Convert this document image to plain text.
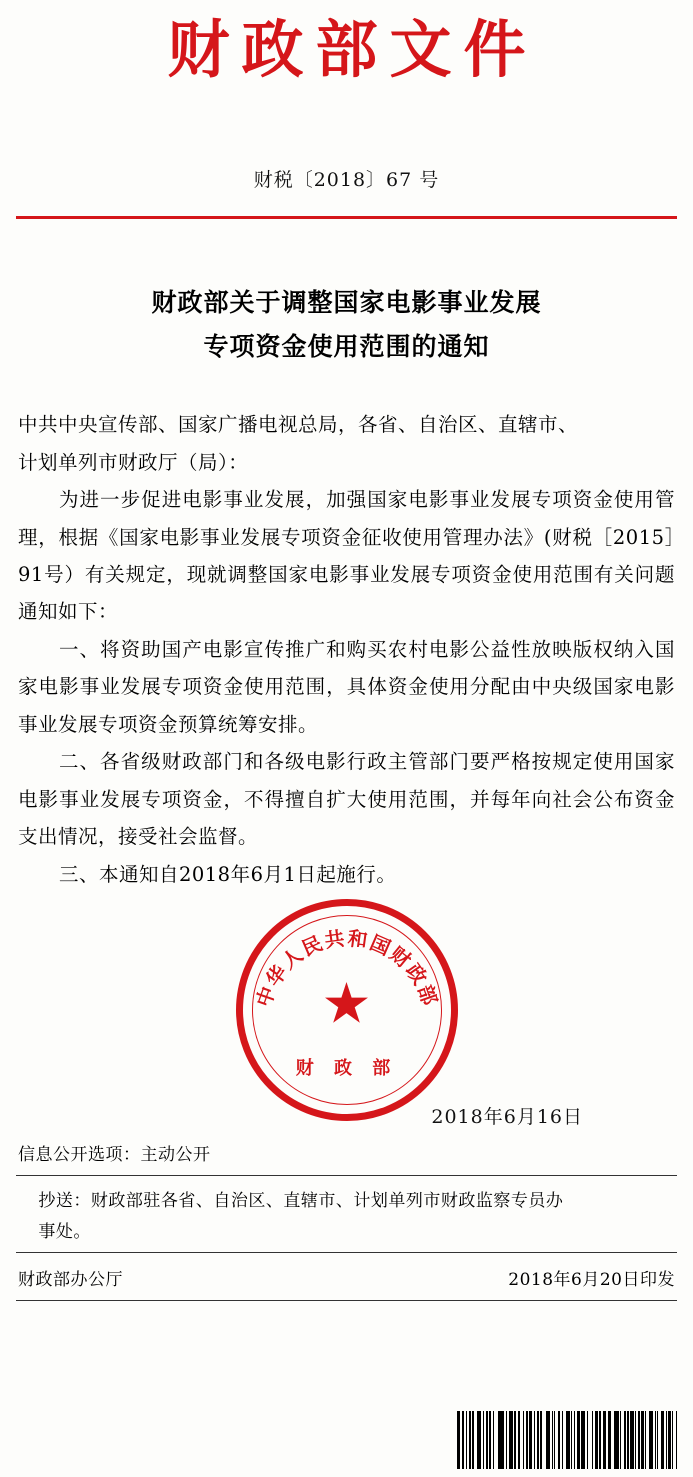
财政部文件
财税〔2018〕67 号
财政部关于调整国家电影事业发展
专项资金使用范围的通知

中共中央宣传部、国家广播电视总局，各省、自治区、直辖市、

计划单列市财政厅（局）：

为进一步促进电影事业发展，加强国家电影事业发展专项资金使用管理，根据《国家电影事业发展专项资金征收使用管理办法》(财税［2015］91号）有关规定，现就调整国家电影事业发展专项资金使用范围有关问题通知如下：

一、将资助国产电影宣传推广和购买农村电影公益性放映版权纳入国家电影事业发展专项资金使用范围，具体资金使用分配由中央级国家电影事业发展专项资金预算统筹安排。

二、各省级财政部门和各级电影行政主管部门要严格按规定使用国家电影事业发展专项资金，不得擅自扩大使用范围，并每年向社会公布资金支出情况，接受社会监督。

三、本通知自2018年6月1日起施行。

中华人民共和国财政部
★
财 政 部
2018年6月16日
信息公开选项：主动公开
抄送：财政部驻各省、自治区、直辖市、计划单列市财政监察专员办
事处。
财政部办公厅	2018年6月20日印发
